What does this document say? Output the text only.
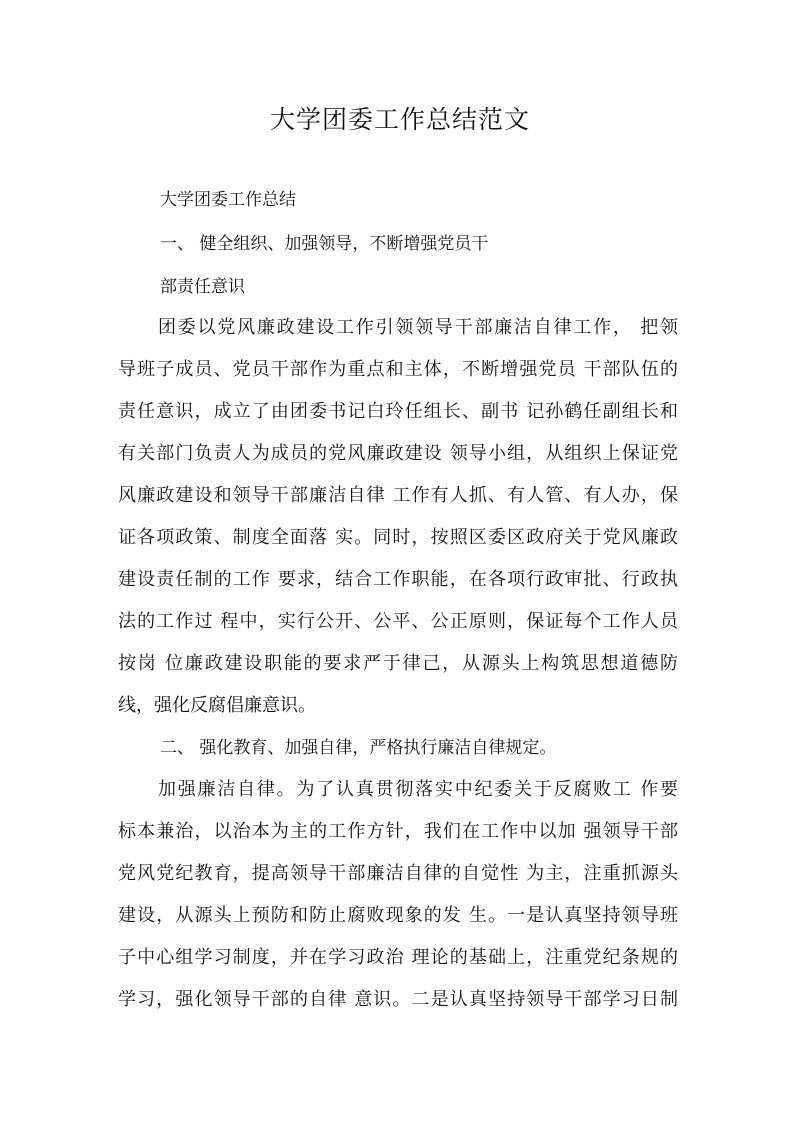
大学团委工作总结范文
大学团委工作总结
一、 健全组织、加强领导，不断增强党员干
部责任意识
团委以党风廉政建设工作引领领导干部廉洁自律工作， 把领
导班子成员、党员干部作为重点和主体，不断增强党员 干部队伍的
责任意识，成立了由团委书记白玲任组长、副书 记孙鹤任副组长和
有关部门负责人为成员的党风廉政建设 领导小组，从组织上保证党
风廉政建设和领导干部廉洁自律 工作有人抓、有人管、有人办，保
证各项政策、制度全面落 实。同时，按照区委区政府关于党风廉政
建设责任制的工作 要求，结合工作职能，在各项行政审批、行政执
法的工作过 程中，实行公开、公平、公正原则，保证每个工作人员
按岗 位廉政建设职能的要求严于律己，从源头上构筑思想道德防
线，强化反腐倡廉意识。
二、 强化教育、加强自律，严格执行廉洁自律规定。
加强廉洁自律。为了认真贯彻落实中纪委关于反腐败工 作要
标本兼治，以治本为主的工作方针，我们在工作中以加 强领导干部
党风党纪教育，提高领导干部廉洁自律的自觉性 为主，注重抓源头
建设，从源头上预防和防止腐败现象的发 生。一是认真坚持领导班
子中心组学习制度，并在学习政治 理论的基础上，注重党纪条规的
学习，强化领导干部的自律 意识。二是认真坚持领导干部学习日制
